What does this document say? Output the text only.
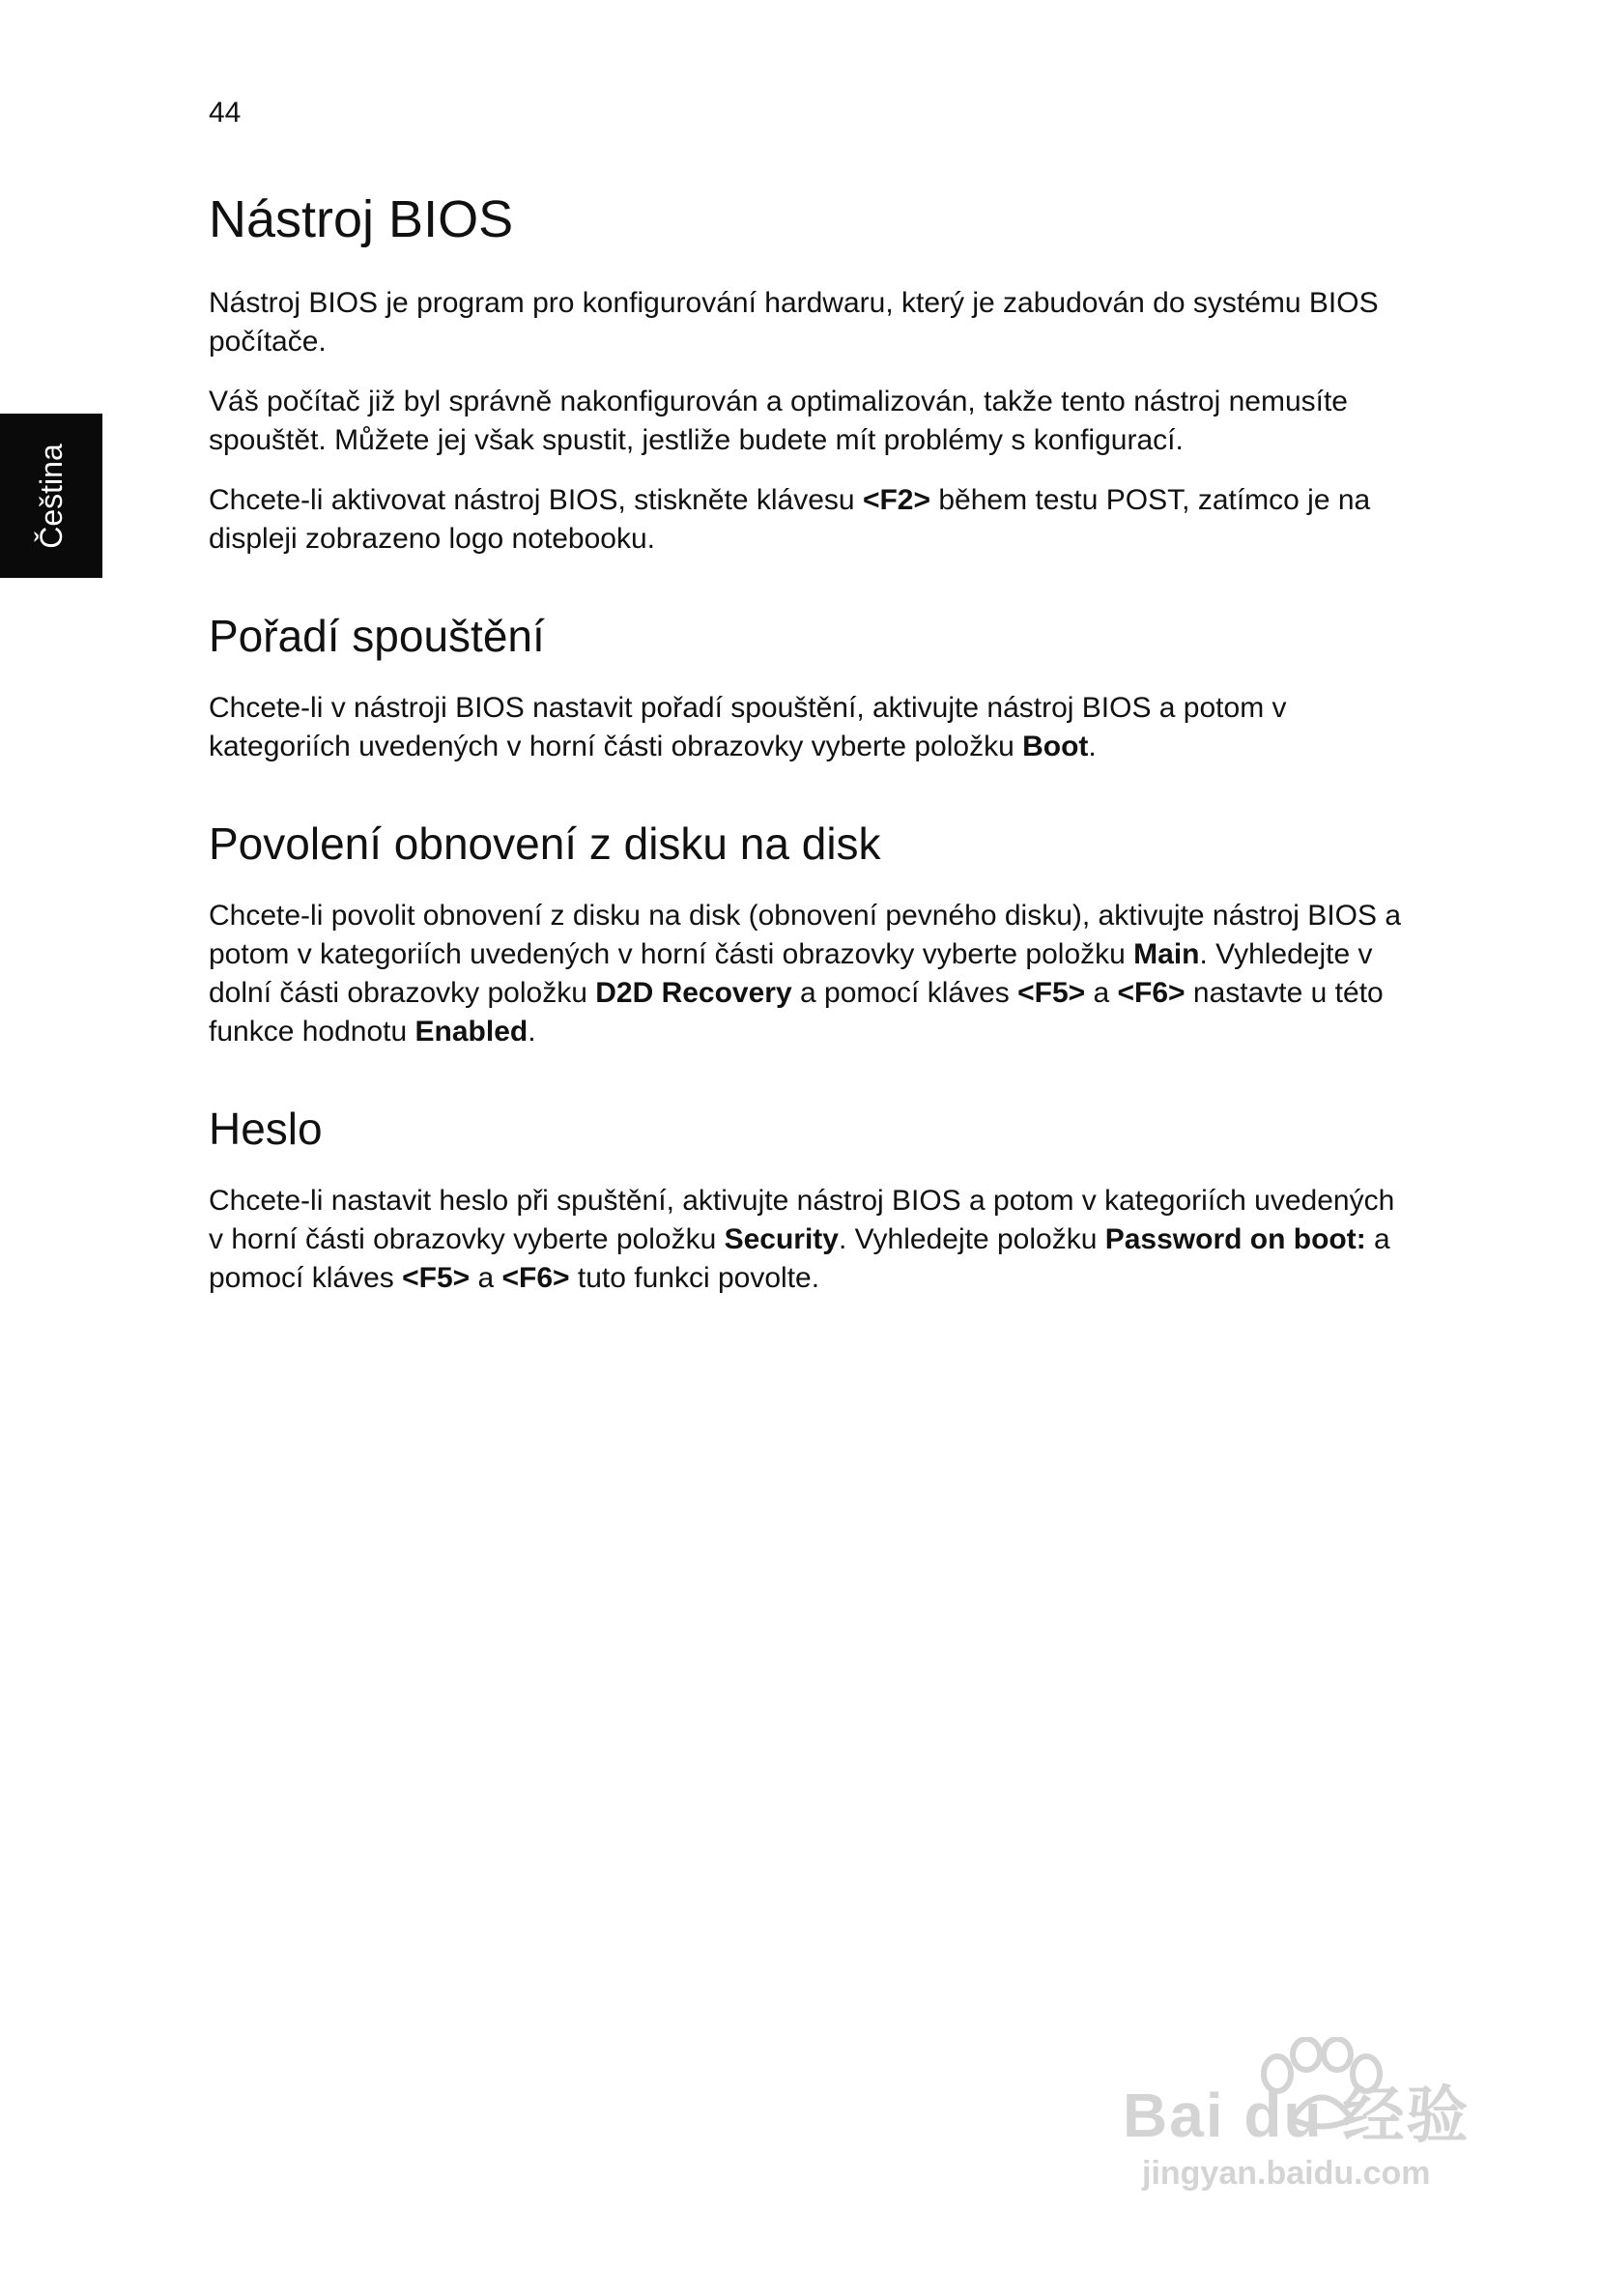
44
Čeština
Nástroj BIOS

Nástroj BIOS je program pro konfigurování hardwaru, který je zabudován do systému BIOS počítače.

Váš počítač již byl správně nakonfigurován a optimalizován, takže tento nástroj nemusíte spouštět. Můžete jej však spustit, jestliže budete mít problémy s konfigurací.

Chcete-li aktivovat nástroj BIOS, stiskněte klávesu <F2> během testu POST, zatímco je na displeji zobrazeno logo notebooku.

Pořadí spouštění

Chcete-li v nástroji BIOS nastavit pořadí spouštění, aktivujte nástroj BIOS a potom v kategoriích uvedených v horní části obrazovky vyberte položku Boot.

Povolení obnovení z disku na disk

Chcete-li povolit obnovení z disku na disk (obnovení pevného disku), aktivujte nástroj BIOS a potom v kategoriích uvedených v horní části obrazovky vyberte položku Main. Vyhledejte v dolní části obrazovky položku D2D Recovery a pomocí kláves <F5> a <F6> nastavte u této funkce hodnotu Enabled.

Heslo

Chcete-li nastavit heslo při spuštění, aktivujte nástroj BIOS a potom v kategoriích uvedených v horní části obrazovky vyberte položku Security. Vyhledejte položku Password on boot: a pomocí kláves <F5> a <F6> tuto funkci povolte.

Bai du 经验
jingyan.baidu.com
